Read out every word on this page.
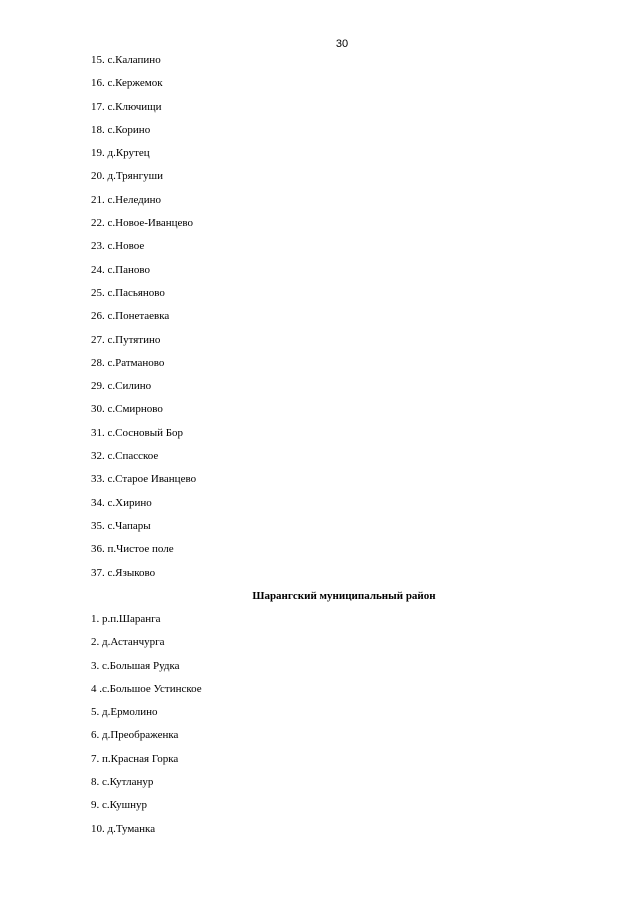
30
15. с.Калапино
16. с.Кержемок
17. с.Ключищи
18. с.Корино
19. д.Крутец
20. д.Трянгуши
21. с.Неледино
22. с.Новое-Иванцево
23. с.Новое
24. с.Паново
25. с.Пасьяново
26. с.Понетаевка
27. с.Путятино
28. с.Ратманово
29. с.Силино
30. с.Смирново
31. с.Сосновый Бор
32. с.Спасское
33. с.Старое Иванцево
34. с.Хирино
35. с.Чапары
36. п.Чистое поле
37. с.Языково
Шарангский муниципальный район
1. р.п.Шаранга
2. д.Астанчурга
3. с.Большая Рудка
4 .с.Большое Устинское
5. д.Ермолино
6. д.Преображенка
7. п.Красная Горка
8. с.Кутланур
9. с.Кушнур
10. д.Туманка
